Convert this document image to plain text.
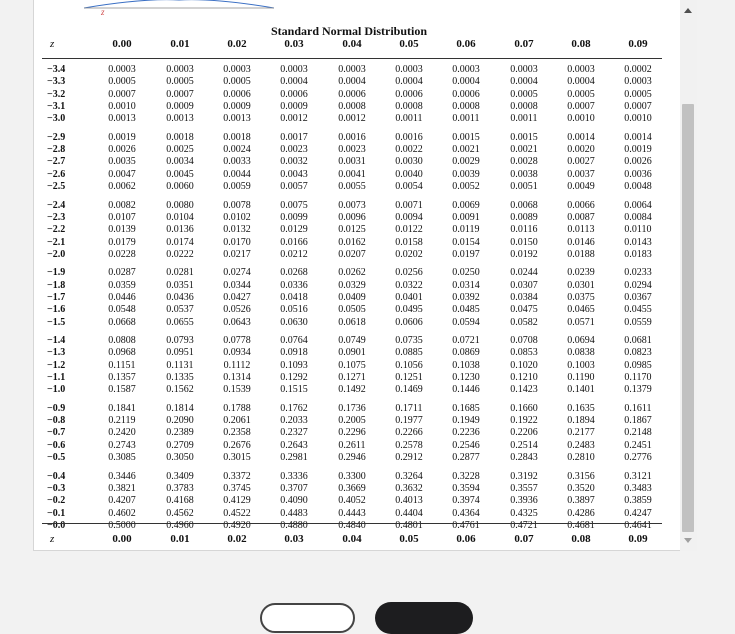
z
Standard Normal Distribution
z	0.00	0.01	0.02	0.03	0.04	0.05	0.06	0.07	0.08	0.09
−3.4	0.0003	0.0003	0.0003	0.0003	0.0003	0.0003	0.0003	0.0003	0.0003	0.0002
−3.3	0.0005	0.0005	0.0005	0.0004	0.0004	0.0004	0.0004	0.0004	0.0004	0.0003
−3.2	0.0007	0.0007	0.0006	0.0006	0.0006	0.0006	0.0006	0.0005	0.0005	0.0005
−3.1	0.0010	0.0009	0.0009	0.0009	0.0008	0.0008	0.0008	0.0008	0.0007	0.0007
−3.0	0.0013	0.0013	0.0013	0.0012	0.0012	0.0011	0.0011	0.0011	0.0010	0.0010
−2.9	0.0019	0.0018	0.0018	0.0017	0.0016	0.0016	0.0015	0.0015	0.0014	0.0014
−2.8	0.0026	0.0025	0.0024	0.0023	0.0023	0.0022	0.0021	0.0021	0.0020	0.0019
−2.7	0.0035	0.0034	0.0033	0.0032	0.0031	0.0030	0.0029	0.0028	0.0027	0.0026
−2.6	0.0047	0.0045	0.0044	0.0043	0.0041	0.0040	0.0039	0.0038	0.0037	0.0036
−2.5	0.0062	0.0060	0.0059	0.0057	0.0055	0.0054	0.0052	0.0051	0.0049	0.0048
−2.4	0.0082	0.0080	0.0078	0.0075	0.0073	0.0071	0.0069	0.0068	0.0066	0.0064
−2.3	0.0107	0.0104	0.0102	0.0099	0.0096	0.0094	0.0091	0.0089	0.0087	0.0084
−2.2	0.0139	0.0136	0.0132	0.0129	0.0125	0.0122	0.0119	0.0116	0.0113	0.0110
−2.1	0.0179	0.0174	0.0170	0.0166	0.0162	0.0158	0.0154	0.0150	0.0146	0.0143
−2.0	0.0228	0.0222	0.0217	0.0212	0.0207	0.0202	0.0197	0.0192	0.0188	0.0183
−1.9	0.0287	0.0281	0.0274	0.0268	0.0262	0.0256	0.0250	0.0244	0.0239	0.0233
−1.8	0.0359	0.0351	0.0344	0.0336	0.0329	0.0322	0.0314	0.0307	0.0301	0.0294
−1.7	0.0446	0.0436	0.0427	0.0418	0.0409	0.0401	0.0392	0.0384	0.0375	0.0367
−1.6	0.0548	0.0537	0.0526	0.0516	0.0505	0.0495	0.0485	0.0475	0.0465	0.0455
−1.5	0.0668	0.0655	0.0643	0.0630	0.0618	0.0606	0.0594	0.0582	0.0571	0.0559
−1.4	0.0808	0.0793	0.0778	0.0764	0.0749	0.0735	0.0721	0.0708	0.0694	0.0681
−1.3	0.0968	0.0951	0.0934	0.0918	0.0901	0.0885	0.0869	0.0853	0.0838	0.0823
−1.2	0.1151	0.1131	0.1112	0.1093	0.1075	0.1056	0.1038	0.1020	0.1003	0.0985
−1.1	0.1357	0.1335	0.1314	0.1292	0.1271	0.1251	0.1230	0.1210	0.1190	0.1170
−1.0	0.1587	0.1562	0.1539	0.1515	0.1492	0.1469	0.1446	0.1423	0.1401	0.1379
−0.9	0.1841	0.1814	0.1788	0.1762	0.1736	0.1711	0.1685	0.1660	0.1635	0.1611
−0.8	0.2119	0.2090	0.2061	0.2033	0.2005	0.1977	0.1949	0.1922	0.1894	0.1867
−0.7	0.2420	0.2389	0.2358	0.2327	0.2296	0.2266	0.2236	0.2206	0.2177	0.2148
−0.6	0.2743	0.2709	0.2676	0.2643	0.2611	0.2578	0.2546	0.2514	0.2483	0.2451
−0.5	0.3085	0.3050	0.3015	0.2981	0.2946	0.2912	0.2877	0.2843	0.2810	0.2776
−0.4	0.3446	0.3409	0.3372	0.3336	0.3300	0.3264	0.3228	0.3192	0.3156	0.3121
−0.3	0.3821	0.3783	0.3745	0.3707	0.3669	0.3632	0.3594	0.3557	0.3520	0.3483
−0.2	0.4207	0.4168	0.4129	0.4090	0.4052	0.4013	0.3974	0.3936	0.3897	0.3859
−0.1	0.4602	0.4562	0.4522	0.4483	0.4443	0.4404	0.4364	0.4325	0.4286	0.4247
−0.0	0.5000	0.4960	0.4920	0.4880	0.4840	0.4801	0.4761	0.4721	0.4681	0.4641
z	0.00	0.01	0.02	0.03	0.04	0.05	0.06	0.07	0.08	0.09
